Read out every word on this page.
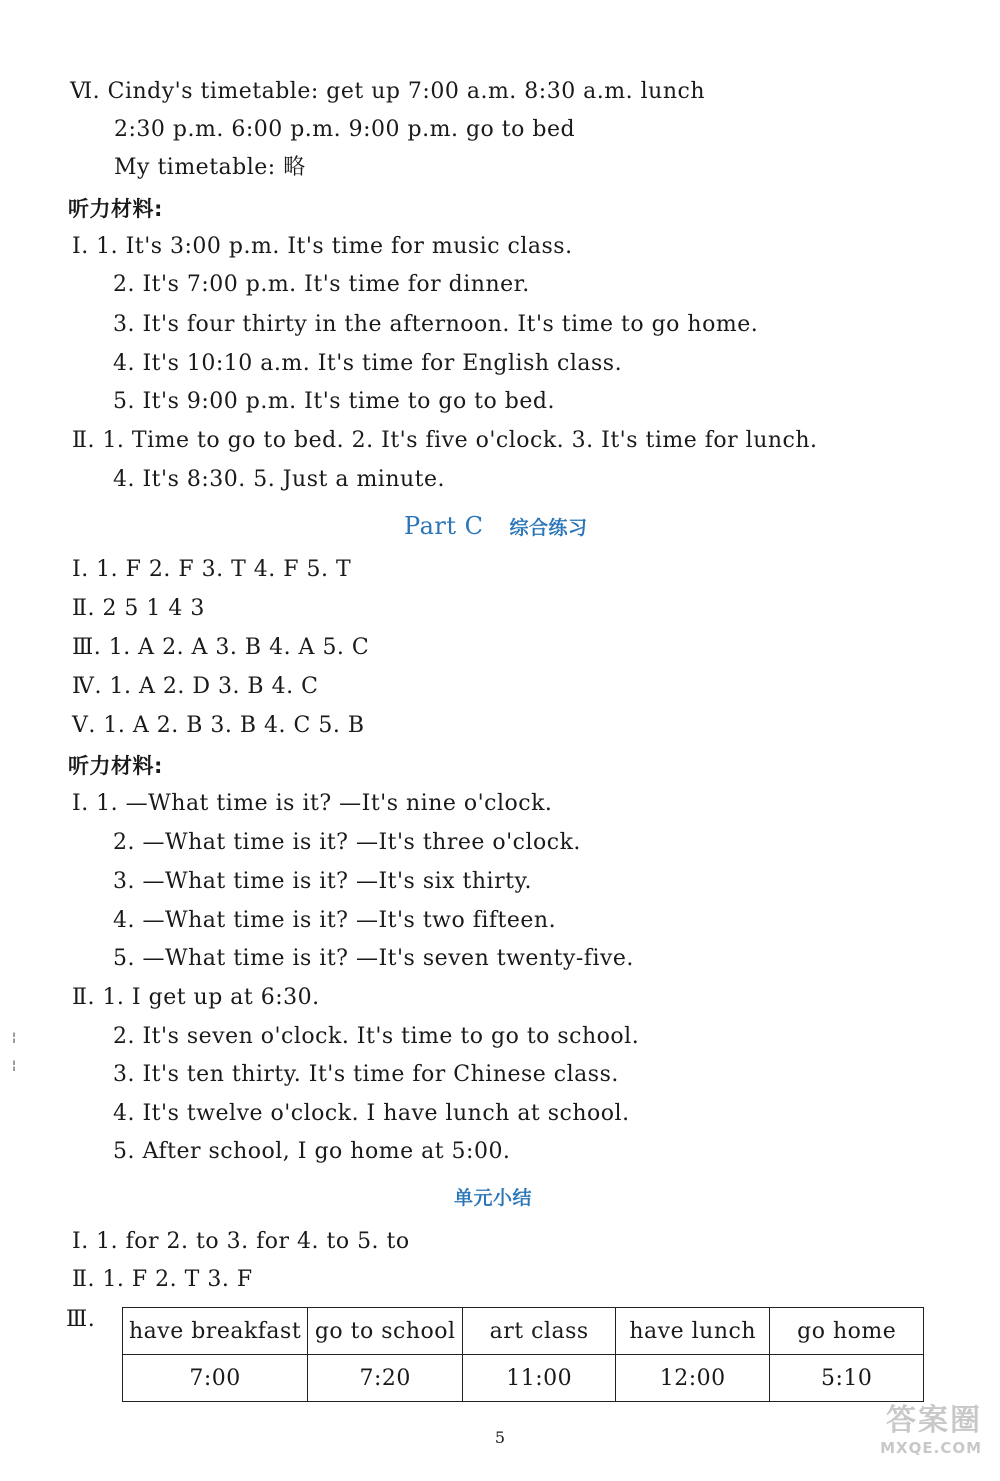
Ⅵ. Cindy's timetable: get up 7:00 a.m. 8:30 a.m. lunch
2:30 p.m. 6:00 p.m. 9:00 p.m. go to bed
My timetable: 略
听力材料:
Ⅰ. 1. It's 3:00 p.m. It's time for music class.
2. It's 7:00 p.m. It's time for dinner.
3. It's four thirty in the afternoon. It's time to go home.
4. It's 10:10 a.m. It's time for English class.
5. It's 9:00 p.m. It's time to go to bed.
Ⅱ. 1. Time to go to bed. 2. It's five o'clock. 3. It's time for lunch.
4. It's 8:30. 5. Just a minute.
Part C 综合练习
Ⅰ. 1. F 2. F 3. T 4. F 5. T
Ⅱ. 2 5 1 4 3
Ⅲ. 1. A 2. A 3. B 4. A 5. C
Ⅳ. 1. A 2. D 3. B 4. C
Ⅴ. 1. A 2. B 3. B 4. C 5. B
听力材料:
Ⅰ. 1. —What time is it? —It's nine o'clock.
2. —What time is it? —It's three o'clock.
3. —What time is it? —It's six thirty.
4. —What time is it? —It's two fifteen.
5. —What time is it? —It's seven twenty-five.
Ⅱ. 1. I get up at 6:30.
2. It's seven o'clock. It's time to go to school.
3. It's ten thirty. It's time for Chinese class.
4. It's twelve o'clock. I have lunch at school.
5. After school, I go home at 5:00.
¦
¦
单元小结
Ⅰ. 1. for 2. to 3. for 4. to 5. to
Ⅱ. 1. F 2. T 3. F
Ⅲ. have breakfast	go to school	art class	have lunch	go home
7:00	7:20	11:00	12:00	5:10
5	答案圈
MXQE.COM
